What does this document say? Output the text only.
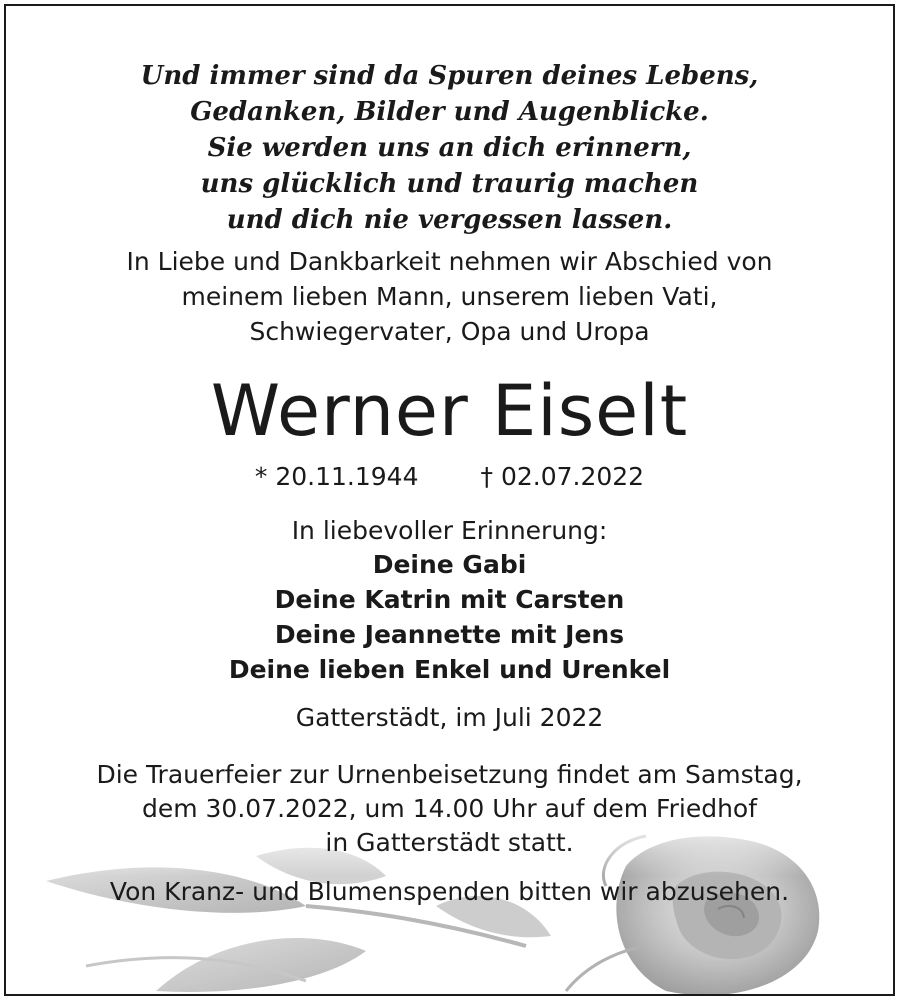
Und immer sind da Spuren deines Lebens,
Gedanken, Bilder und Augenblicke.
Sie werden uns an dich erinnern,
uns glücklich und traurig machen
und dich nie vergessen lassen.
In Liebe und Dankbarkeit nehmen wir Abschied von
meinem lieben Mann, unserem lieben Vati,
Schwiegervater, Opa und Uropa
Werner Eiselt
* 20.11.1944 † 02.07.2022
In liebevoller Erinnerung:
Deine Gabi
Deine Katrin mit Carsten
Deine Jeannette mit Jens
Deine lieben Enkel und Urenkel
Gatterstädt, im Juli 2022
Die Trauerfeier zur Urnenbeisetzung findet am Samstag,
dem 30.07.2022, um 14.00 Uhr auf dem Friedhof
in Gatterstädt statt.
Von Kranz- und Blumenspenden bitten wir abzusehen.
